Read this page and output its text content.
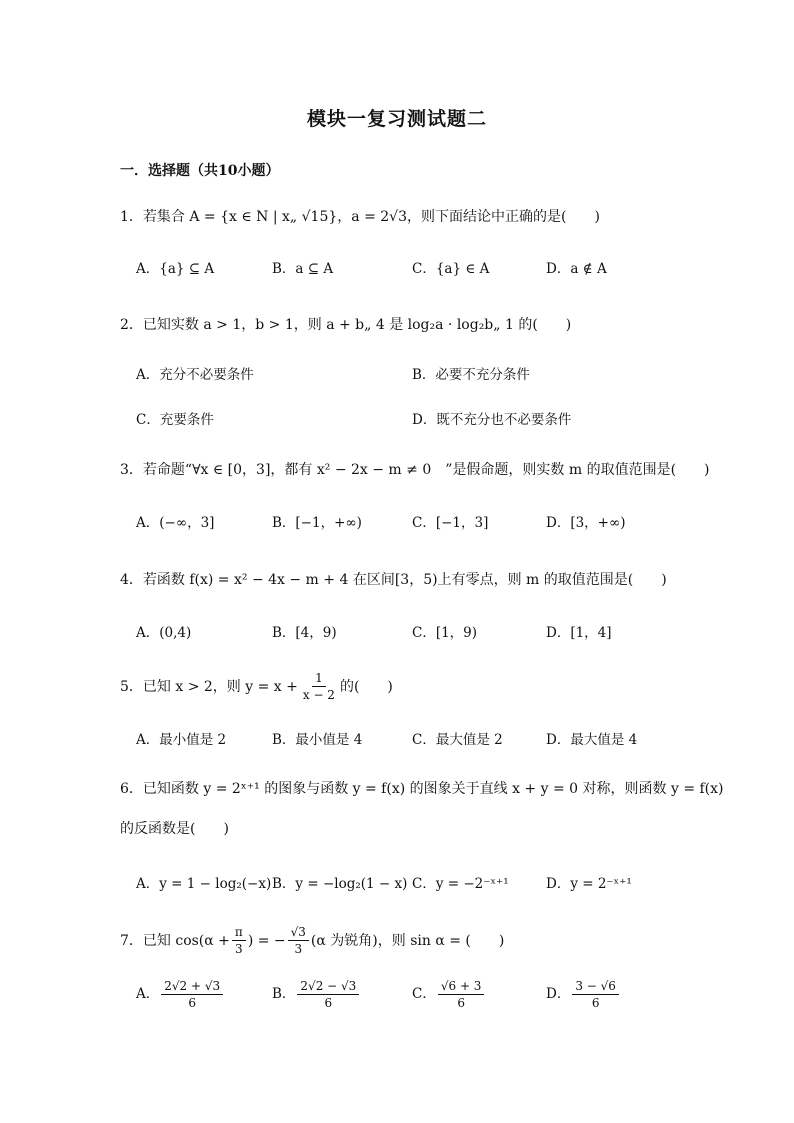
模块一复习测试题二
一．选择题（共10小题）
1．若集合 A = {x ∈ N | x„ √15}，a = 2√3，则下面结论中正确的是(　　)
A．{a} ⊆ A	B．a ⊆ A	C．{a} ∈ A	D．a ∉ A
2．已知实数 a > 1，b > 1，则 a + b„ 4 是 log₂a · log₂b„ 1 的(　　)
A．充分不必要条件	B．必要不充分条件
C．充要条件	D．既不充分也不必要条件
3．若命题“∀x ∈ [0，3]，都有 x² − 2x − m ≠ 0　”是假命题，则实数 m 的取值范围是(　　)
A．(−∞，3]	B．[−1，+∞)	C．[−1，3]	D．[3，+∞)
4．若函数 f(x) = x² − 4x − m + 4 在区间[3，5)上有零点，则 m 的取值范围是(　　)
A．(0,4)	B．[4，9)	C．[1，9)	D．[1，4]
5．已知 x > 2，则 $y = x + \frac{1}{x - 2}$ 的(　　)
A．最小值是 2	B．最小值是 4	C．最大值是 2	D．最大值是 4
6．已知函数 y = 2ˣ⁺¹ 的图象与函数 y = f(x) 的图象关于直线 x + y = 0 对称，则函数 y = f(x)
的反函数是(　　)
A．y = 1 − log₂(−x) B．y = −log₂(1 − x) C．y = −2⁻ˣ⁺¹	D．y = 2⁻ˣ⁺¹
7．已知 $\cos(\alpha + \frac{\pi}{3}$ ) = − $\frac{√3}{3} (\alpha$ 为锐角)，则 sin α = (　　)
A． $\frac{2√2 + √3}{6}$	B． $\frac{2√2 - √3}{6}$	C． $\frac{√6 + 3}{6}$	D． $\frac{3 - √6}{6}$
